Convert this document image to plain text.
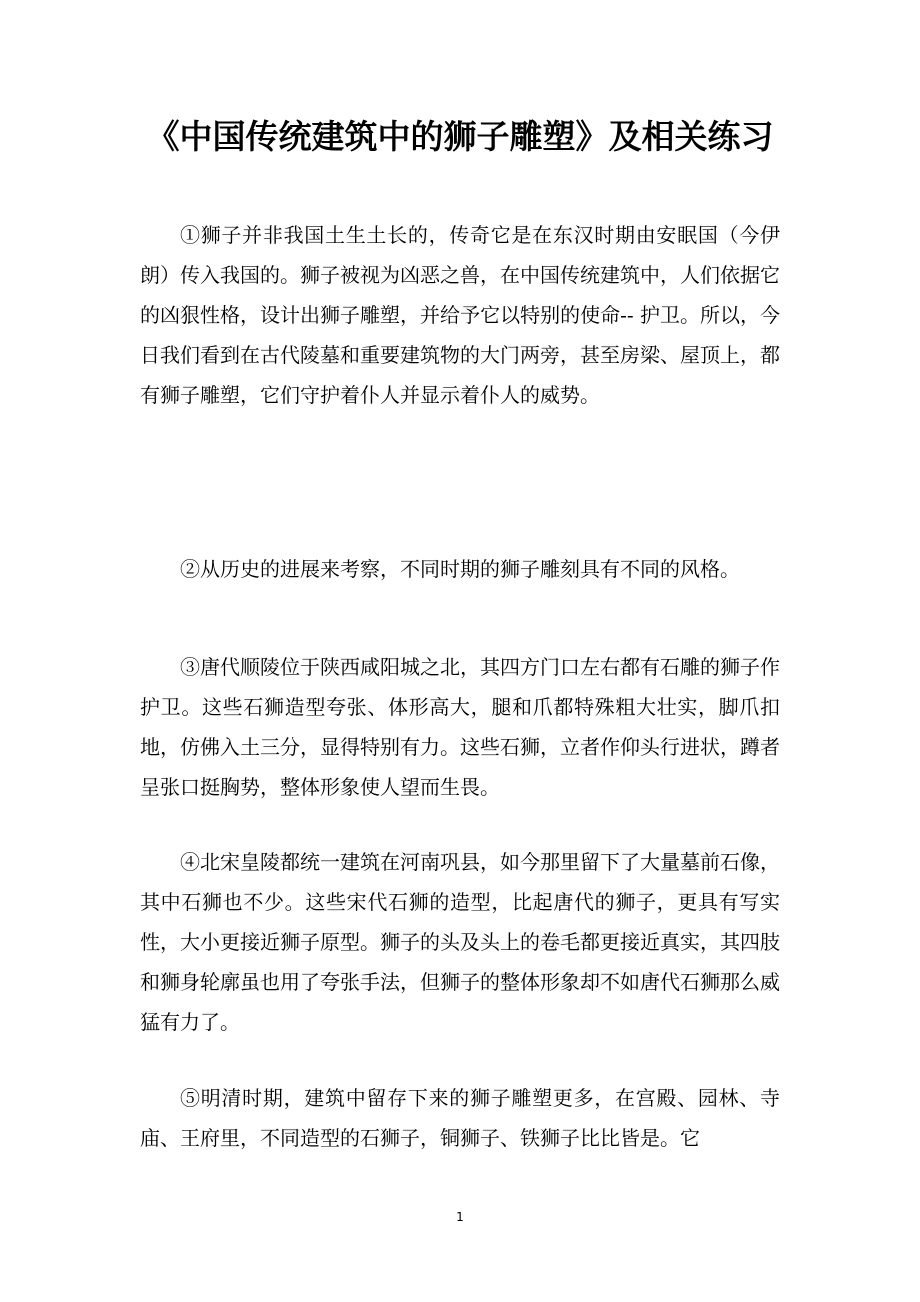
《中国传统建筑中的狮子雕塑》及相关练习

①狮子并非我国土生土长的，传奇它是在东汉时期由安眠国（今伊朗）传入我国的。狮子被视为凶恶之兽，在中国传统建筑中，人们依据它的凶狠性格，设计出狮子雕塑，并给予它以特别的使命-- 护卫。所以，今日我们看到在古代陵墓和重要建筑物的大门两旁，甚至房梁、屋顶上，都有狮子雕塑，它们守护着仆人并显示着仆人的威势。

②从历史的进展来考察，不同时期的狮子雕刻具有不同的风格。

③唐代顺陵位于陕西咸阳城之北，其四方门口左右都有石雕的狮子作护卫。这些石狮造型夸张、体形高大，腿和爪都特殊粗大壮实，脚爪扣地，仿佛入土三分，显得特别有力。这些石狮，立者作仰头行进状，蹲者呈张口挺胸势，整体形象使人望而生畏。

④北宋皇陵都统一建筑在河南巩县，如今那里留下了大量墓前石像，其中石狮也不少。这些宋代石狮的造型，比起唐代的狮子，更具有写实性，大小更接近狮子原型。狮子的头及头上的卷毛都更接近真实，其四肢和狮身轮廓虽也用了夸张手法，但狮子的整体形象却不如唐代石狮那么威猛有力了。

⑤明清时期，建筑中留存下来的狮子雕塑更多，在宫殿、园林、寺庙、王府里，不同造型的石狮子，铜狮子、铁狮子比比皆是。它

1
